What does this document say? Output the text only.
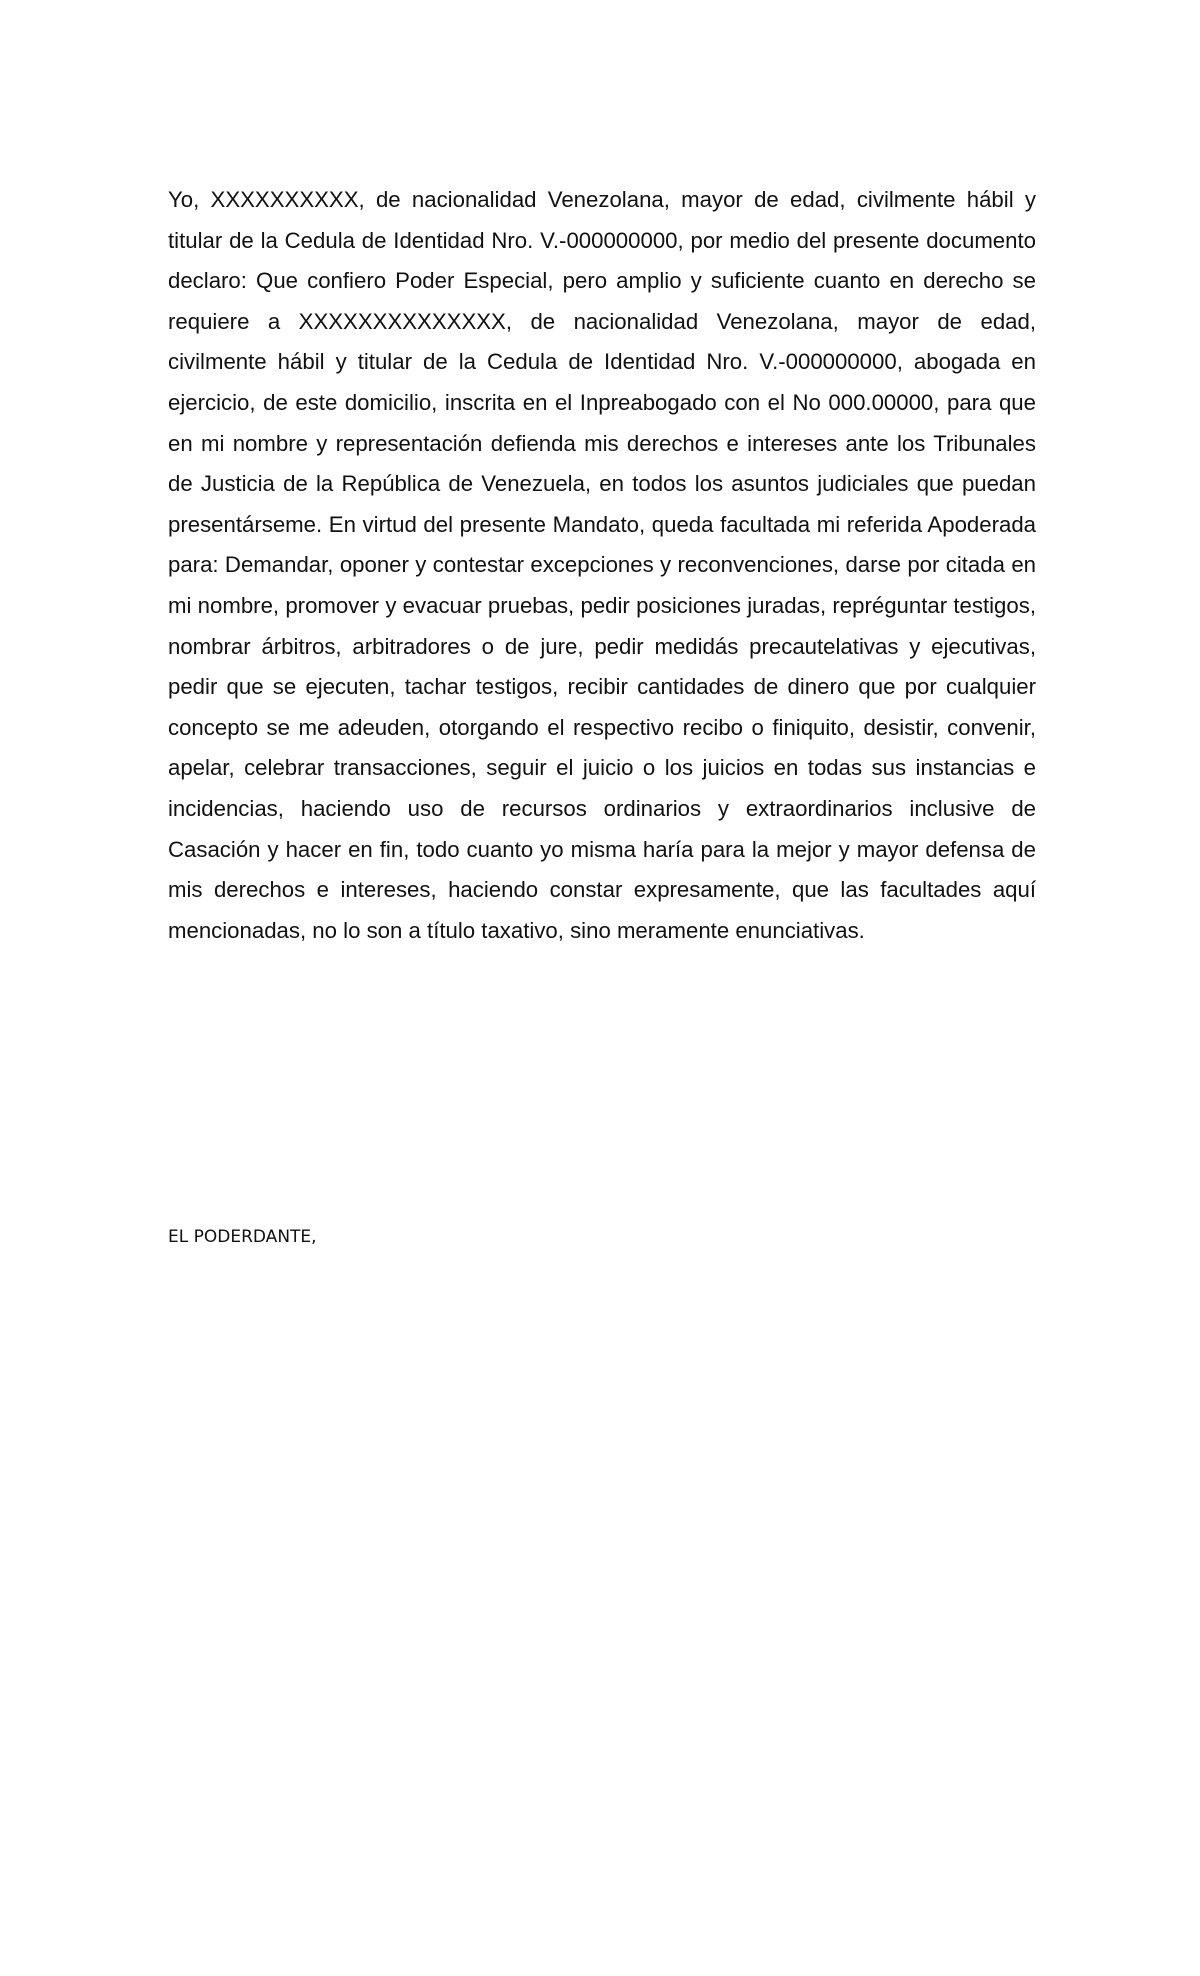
Yo, XXXXXXXXXX, de nacionalidad Venezolana, mayor de edad, civilmente hábil y titular de la Cedula de Identidad Nro. V.-000000000, por medio del presente documento declaro: Que confiero Poder Especial, pero amplio y suficiente cuanto en derecho se requiere a XXXXXXXXXXXXXX, de nacionalidad Venezolana, mayor de edad, civilmente hábil y titular de la Cedula de Identidad Nro. V.-000000000, abogada en ejercicio, de este domicilio, inscrita en el Inpreabogado con el No 000.00000, para que en mi nombre y representación defienda mis derechos e intereses ante los Tribunales de Justicia de la República de Venezuela, en todos los asuntos judiciales que puedan presentárseme. En virtud del presente Mandato, queda facultada mi referida Apoderada para: Demandar, oponer y contestar excepciones y reconvenciones, darse por citada en mi nombre, promover y evacuar pruebas, pedir posiciones juradas, repréguntar testigos, nombrar árbitros, arbitradores o de jure, pedir medidás precautelativas y ejecutivas, pedir que se ejecuten, tachar testigos, recibir cantidades de dinero que por cualquier concepto se me adeuden, otorgando el respectivo recibo o finiquito, desistir, convenir, apelar, celebrar transacciones, seguir el juicio o los juicios en todas sus instancias e incidencias, haciendo uso de recursos ordinarios y extraordinarios inclusive de Casación y hacer en fin, todo cuanto yo misma haría para la mejor y mayor defensa de mis derechos e intereses, haciendo constar expresamente, que las facultades aquí mencionadas, no lo son a título taxativo, sino meramente enunciativas.

EL PODERDANTE,
